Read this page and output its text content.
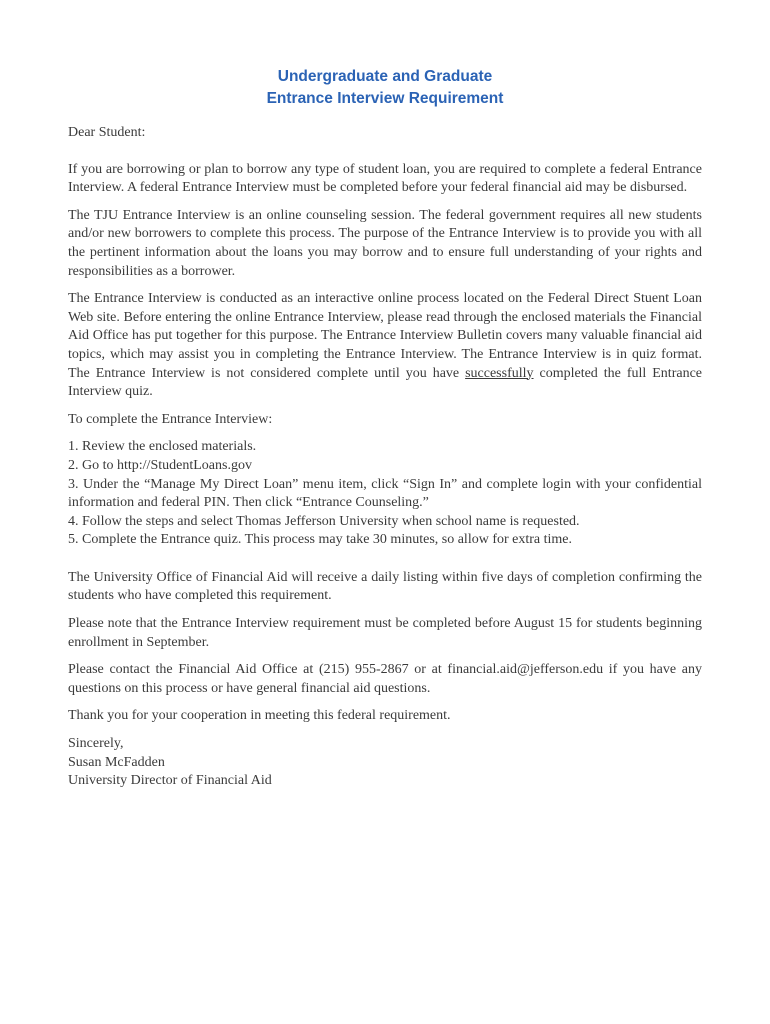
Undergraduate and Graduate
Entrance Interview Requirement

Dear Student:

If you are borrowing or plan to borrow any type of student loan, you are required to complete a federal Entrance Interview. A federal Entrance Interview must be completed before your federal financial aid may be disbursed.

The TJU Entrance Interview is an online counseling session. The federal government requires all new students and/or new borrowers to complete this process. The purpose of the Entrance Interview is to provide you with all the pertinent information about the loans you may borrow and to ensure full understanding of your rights and responsibilities as a borrower.

The Entrance Interview is conducted as an interactive online process located on the Federal Direct Stuent Loan Web site. Before entering the online Entrance Interview, please read through the enclosed materials the Financial Aid Office has put together for this purpose. The Entrance Interview Bulletin covers many valuable financial aid topics, which may assist you in completing the Entrance Interview. The Entrance Interview is in quiz format. The Entrance Interview is not considered complete until you have successfully completed the full Entrance Interview quiz.

To complete the Entrance Interview:

1. Review the enclosed materials.
2. Go to http://StudentLoans.gov
3. Under the “Manage My Direct Loan” menu item, click “Sign In” and complete login with your confidential information and federal PIN. Then click “Entrance Counseling.”
4. Follow the steps and select Thomas Jefferson University when school name is requested.
5. Complete the Entrance quiz. This process may take 30 minutes, so allow for extra time.

The University Office of Financial Aid will receive a daily listing within five days of completion confirming the students who have completed this requirement.

Please note that the Entrance Interview requirement must be completed before August 15 for students beginning enrollment in September.

Please contact the Financial Aid Office at (215) 955-2867 or at financial.aid@jefferson.edu if you have any questions on this process or have general financial aid questions.

Thank you for your cooperation in meeting this federal requirement.

Sincerely,

Susan McFadden

University Director of Financial Aid
